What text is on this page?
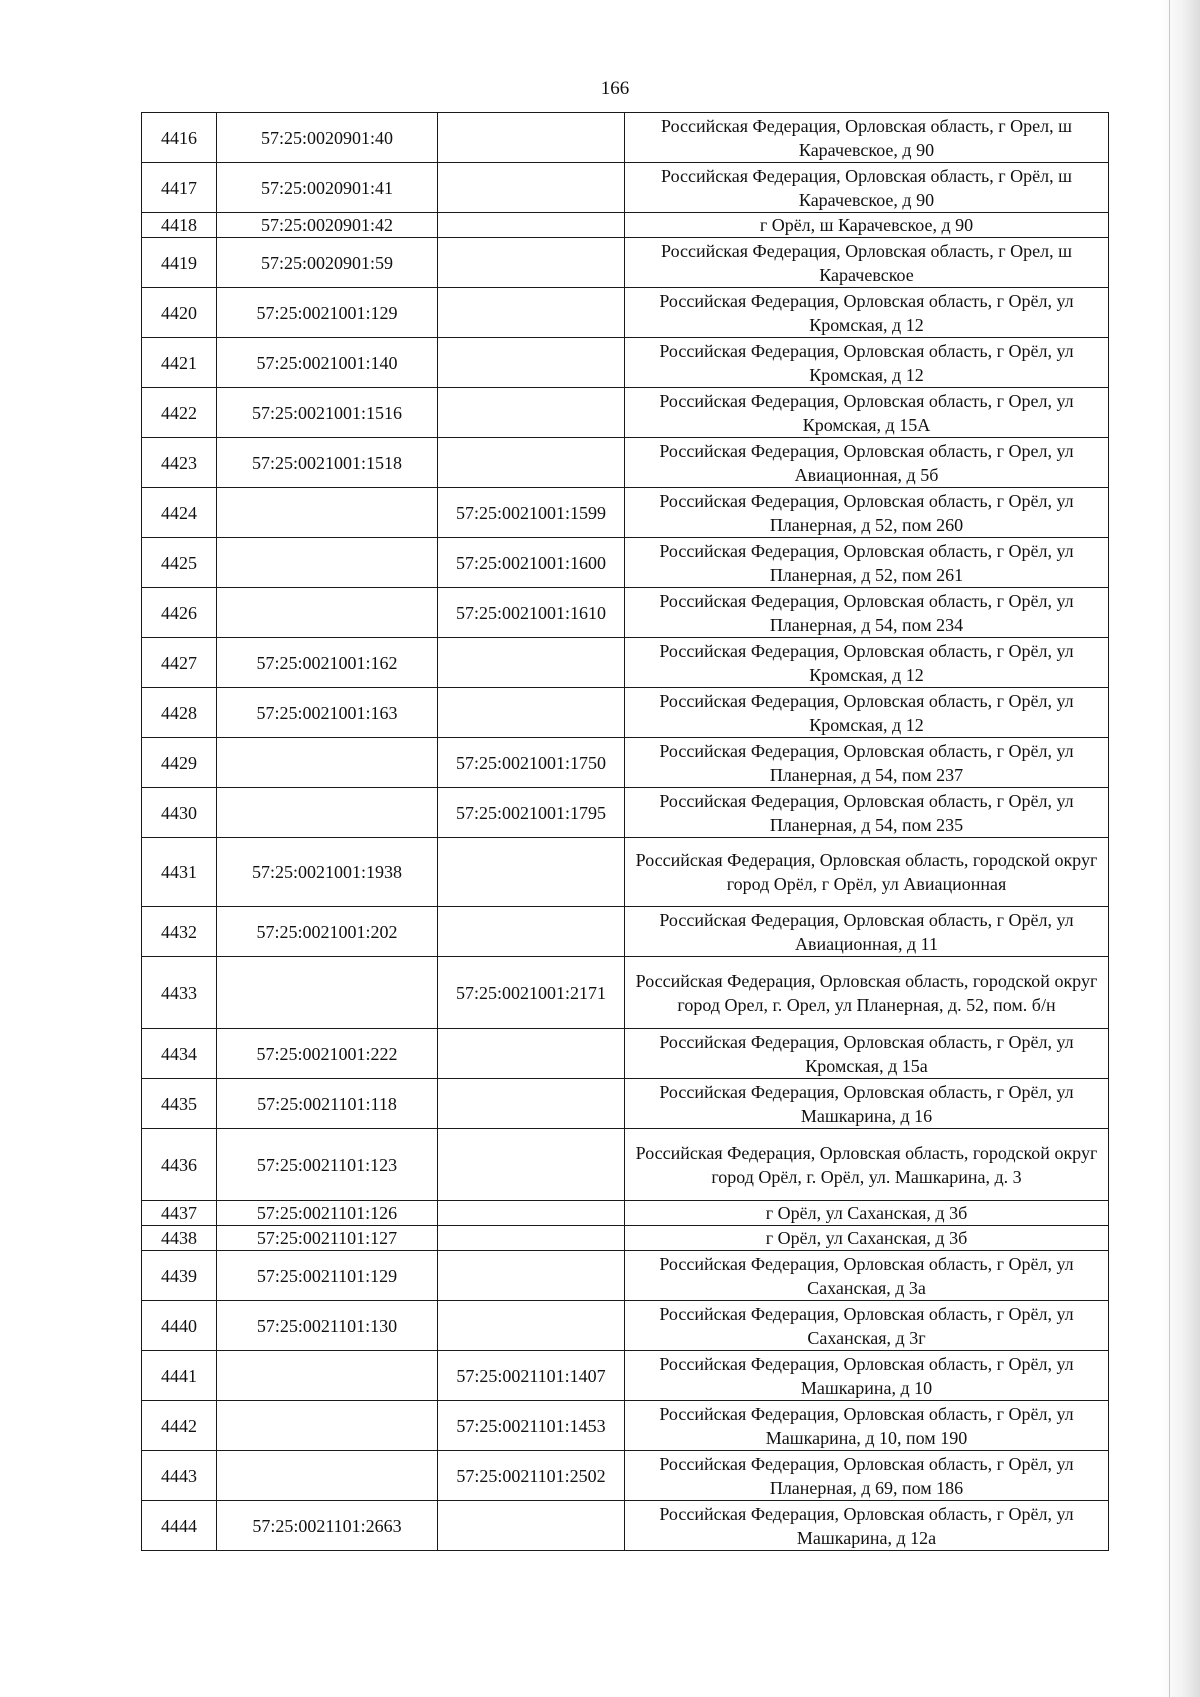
166
4416	57:25:0020901:40		Российская Федерация, Орловская область, г Орел, ш Карачевское, д 90
4417	57:25:0020901:41		Российская Федерация, Орловская область, г Орёл, ш Карачевское, д 90
4418	57:25:0020901:42		г Орёл, ш Карачевское, д 90
4419	57:25:0020901:59		Российская Федерация, Орловская область, г Орел, ш Карачевское
4420	57:25:0021001:129		Российская Федерация, Орловская область, г Орёл, ул Кромская, д 12
4421	57:25:0021001:140		Российская Федерация, Орловская область, г Орёл, ул Кромская, д 12
4422	57:25:0021001:1516		Российская Федерация, Орловская область, г Орел, ул Кромская, д 15А
4423	57:25:0021001:1518		Российская Федерация, Орловская область, г Орел, ул Авиационная, д 5б
4424		57:25:0021001:1599	Российская Федерация, Орловская область, г Орёл, ул Планерная, д 52, пом 260
4425		57:25:0021001:1600	Российская Федерация, Орловская область, г Орёл, ул Планерная, д 52, пом 261
4426		57:25:0021001:1610	Российская Федерация, Орловская область, г Орёл, ул Планерная, д 54, пом 234
4427	57:25:0021001:162		Российская Федерация, Орловская область, г Орёл, ул Кромская, д 12
4428	57:25:0021001:163		Российская Федерация, Орловская область, г Орёл, ул Кромская, д 12
4429		57:25:0021001:1750	Российская Федерация, Орловская область, г Орёл, ул Планерная, д 54, пом 237
4430		57:25:0021001:1795	Российская Федерация, Орловская область, г Орёл, ул Планерная, д 54, пом 235
4431	57:25:0021001:1938		Российская Федерация, Орловская область, городской округ город Орёл, г Орёл, ул Авиационная
4432	57:25:0021001:202		Российская Федерация, Орловская область, г Орёл, ул Авиационная, д 11
4433		57:25:0021001:2171	Российская Федерация, Орловская область, городской округ город Орел, г. Орел, ул Планерная, д. 52, пом. б/н
4434	57:25:0021001:222		Российская Федерация, Орловская область, г Орёл, ул Кромская, д 15а
4435	57:25:0021101:118		Российская Федерация, Орловская область, г Орёл, ул Машкарина, д 16
4436	57:25:0021101:123		Российская Федерация, Орловская область, городской округ город Орёл, г. Орёл, ул. Машкарина, д. 3
4437	57:25:0021101:126		г Орёл, ул Саханская, д 3б
4438	57:25:0021101:127		г Орёл, ул Саханская, д 3б
4439	57:25:0021101:129		Российская Федерация, Орловская область, г Орёл, ул Саханская, д 3а
4440	57:25:0021101:130		Российская Федерация, Орловская область, г Орёл, ул Саханская, д 3г
4441		57:25:0021101:1407	Российская Федерация, Орловская область, г Орёл, ул Машкарина, д 10
4442		57:25:0021101:1453	Российская Федерация, Орловская область, г Орёл, ул Машкарина, д 10, пом 190
4443		57:25:0021101:2502	Российская Федерация, Орловская область, г Орёл, ул Планерная, д 69, пом 186
4444	57:25:0021101:2663		Российская Федерация, Орловская область, г Орёл, ул Машкарина, д 12а
